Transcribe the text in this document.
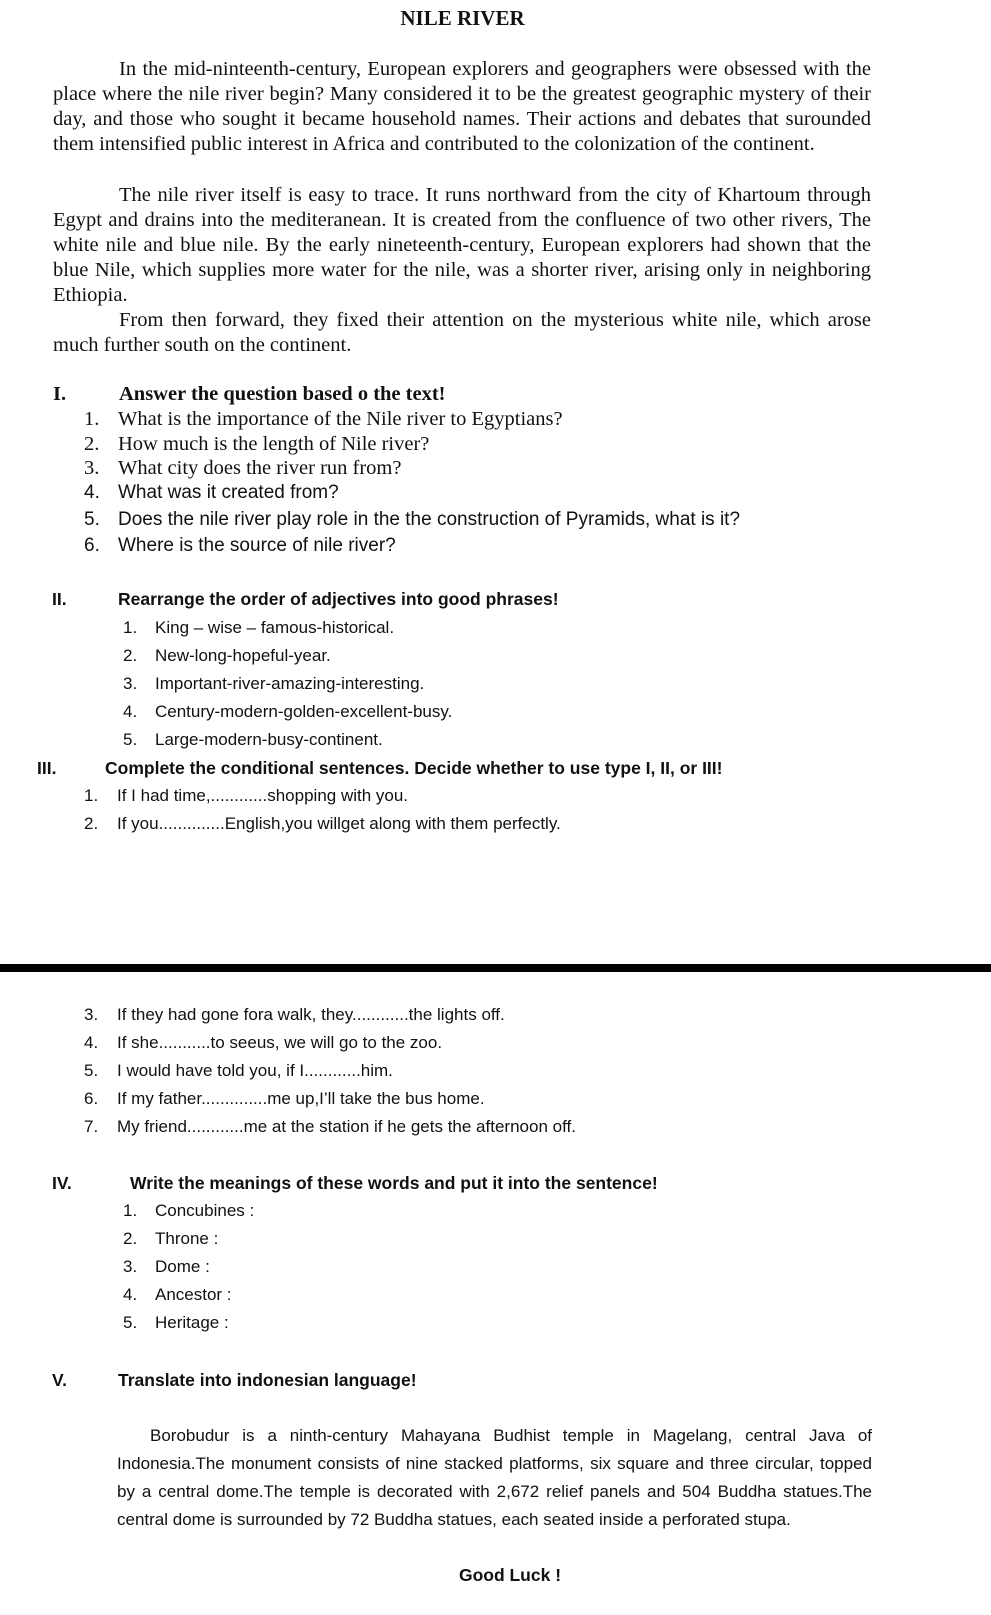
NILE RIVER

In the mid-ninteenth-century, European explorers and geographers were obsessed with the place where the nile river begin? Many considered it to be the greatest geographic mystery of their day, and those who sought it became household names. Their actions and debates that surounded them intensified public interest in Africa and contributed to the colonization of the continent.

The nile river itself is easy to trace. It runs northward from the city of Khartoum through Egypt and drains into the mediteranean. It is created from the confluence of two other rivers, The white nile and blue nile. By the early nineteenth-century, European explorers had shown that the blue Nile, which supplies more water for the nile, was a shorter river, arising only in neighboring Ethiopia.

From then forward, they fixed their attention on the mysterious white nile, which arose much further south on the continent.

I.	Answer the question based o the text!
1. What is the importance of the Nile river to Egyptians?
2. How much is the length of Nile river?
3. What city does the river run from?
4. What was it created from?
5. Does the nile river play role in the the construction of Pyramids, what is it?
6. Where is the source of nile river?
II.	Rearrange the order of adjectives into good phrases!
1. King – wise – famous-historical.
2. New-long-hopeful-year.
3. Important-river-amazing-interesting.
4. Century-modern-golden-excellent-busy.
5. Large-modern-busy-continent.
III.	Complete the conditional sentences. Decide whether to use type I, II, or III!
1. If I had time,............shopping with you.
2. If you..............English,you willget along with them perfectly.
3. If they had gone fora walk, they............the lights off.
4. If she...........to seeus, we will go to the zoo.
5. I would have told you, if I............him.
6. If my father..............me up,I’ll take the bus home.
7. My friend............me at the station if he gets the afternoon off.
IV.	Write the meanings of these words and put it into the sentence!
1. Concubines :
2. Throne :
3. Dome :
4. Ancestor :
5. Heritage :
V.	Translate into indonesian language!

Borobudur is a ninth-century Mahayana Budhist temple in Magelang, central Java of Indonesia.The monument consists of nine stacked platforms, six square and three circular, topped by a central dome.The temple is decorated with 2,672 relief panels and 504 Buddha statues.The central dome is surrounded by 72 Buddha statues, each seated inside a perforated stupa.

Good Luck !
